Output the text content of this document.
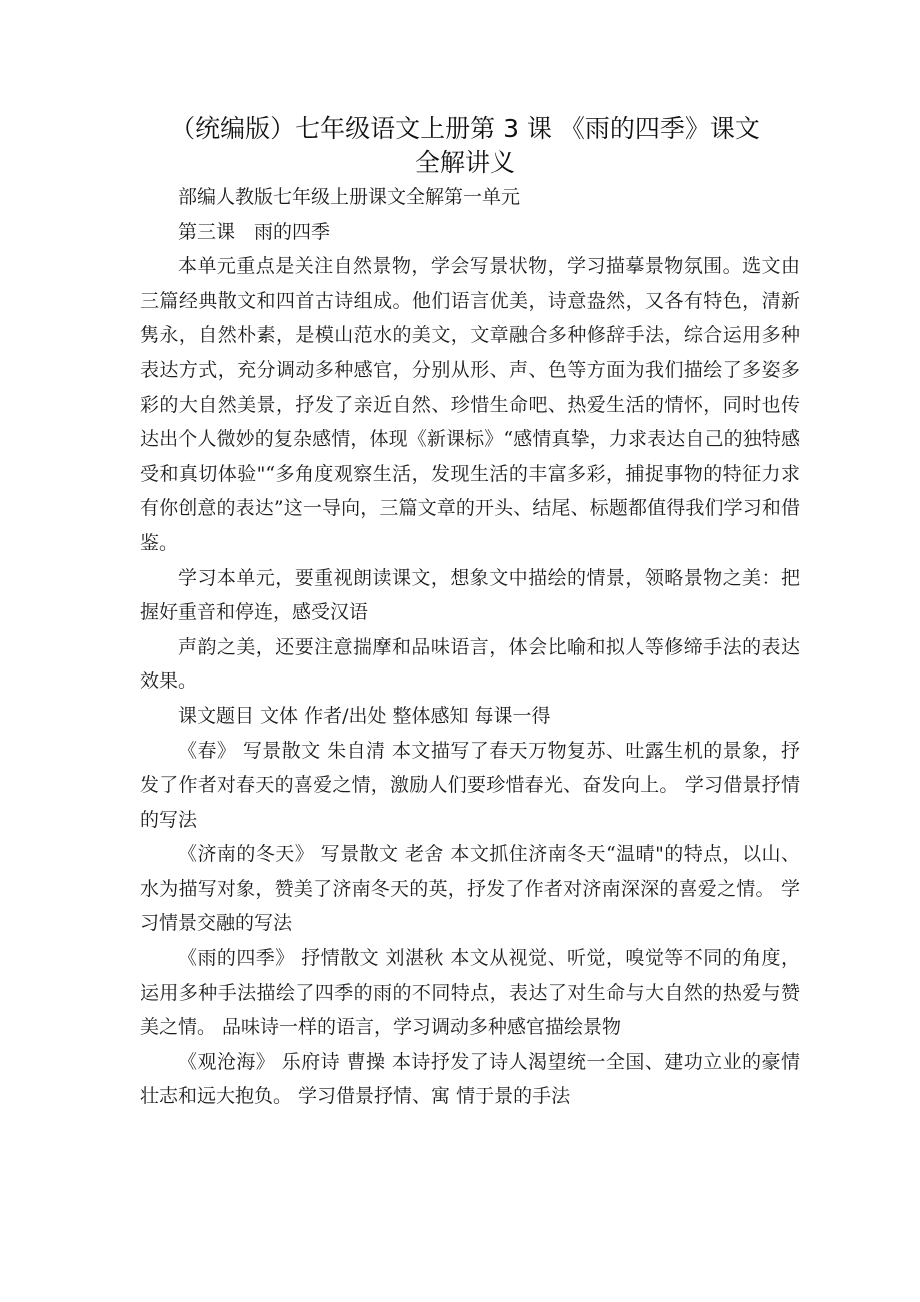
（统编版）七年级语文上册第 3 课 《雨的四季》课文
全解讲义

部编人教版七年级上册课文全解第一单元

第三课　雨的四季

本单元重点是关注自然景物，学会写景状物，学习描摹景物氛围。选文由三篇经典散文和四首古诗组成。他们语言优美，诗意盎然，又各有特色，清新隽永，自然朴素，是模山范水的美文，文章融合多种修辞手法，综合运用多种表达方式，充分调动多种感官，分别从形、声、色等方面为我们描绘了多姿多彩的大自然美景，抒发了亲近自然、珍惜生命吧、热爱生活的情怀，同时也传达出个人微妙的复杂感情，体现《新课标》“感情真挚，力求表达自己的独特感受和真切体验"“多角度观察生活，发现生活的丰富多彩，捕捉事物的特征力求有你创意的表达”这一导向，三篇文章的开头、结尾、标题都值得我们学习和借鉴。

学习本单元，要重视朗读课文，想象文中描绘的情景，领略景物之美：把握好重音和停连，感受汉语

声韵之美，还要注意揣摩和品味语言，体会比喻和拟人等修缔手法的表达效果。

课文题目 文体 作者/出处 整体感知 每课一得

《春》 写景散文 朱自清 本文描写了春天万物复苏、吐露生机的景象，抒发了作者对春天的喜爱之情，激励人们要珍惜春光、奋发向上。 学习借景抒情的写法

《济南的冬天》 写景散文 老舍 本文抓住济南冬天“温晴"的特点，以山、 水为描写对象，赞美了济南冬天的英，抒发了作者对济南深深的喜爱之情。 学习情景交融的写法

《雨的四季》 抒情散文 刘湛秋 本文从视觉、听觉，嗅觉等不同的角度， 运用多种手法描绘了四季的雨的不同特点，表达了对生命与大自然的热爱与赞美之情。 品味诗一样的语言，学习调动多种感官描绘景物

《观沧海》 乐府诗 曹操 本诗抒发了诗人渴望统一全国、建功立业的豪情壮志和远大抱负。 学习借景抒情、寓 情于景的手法
